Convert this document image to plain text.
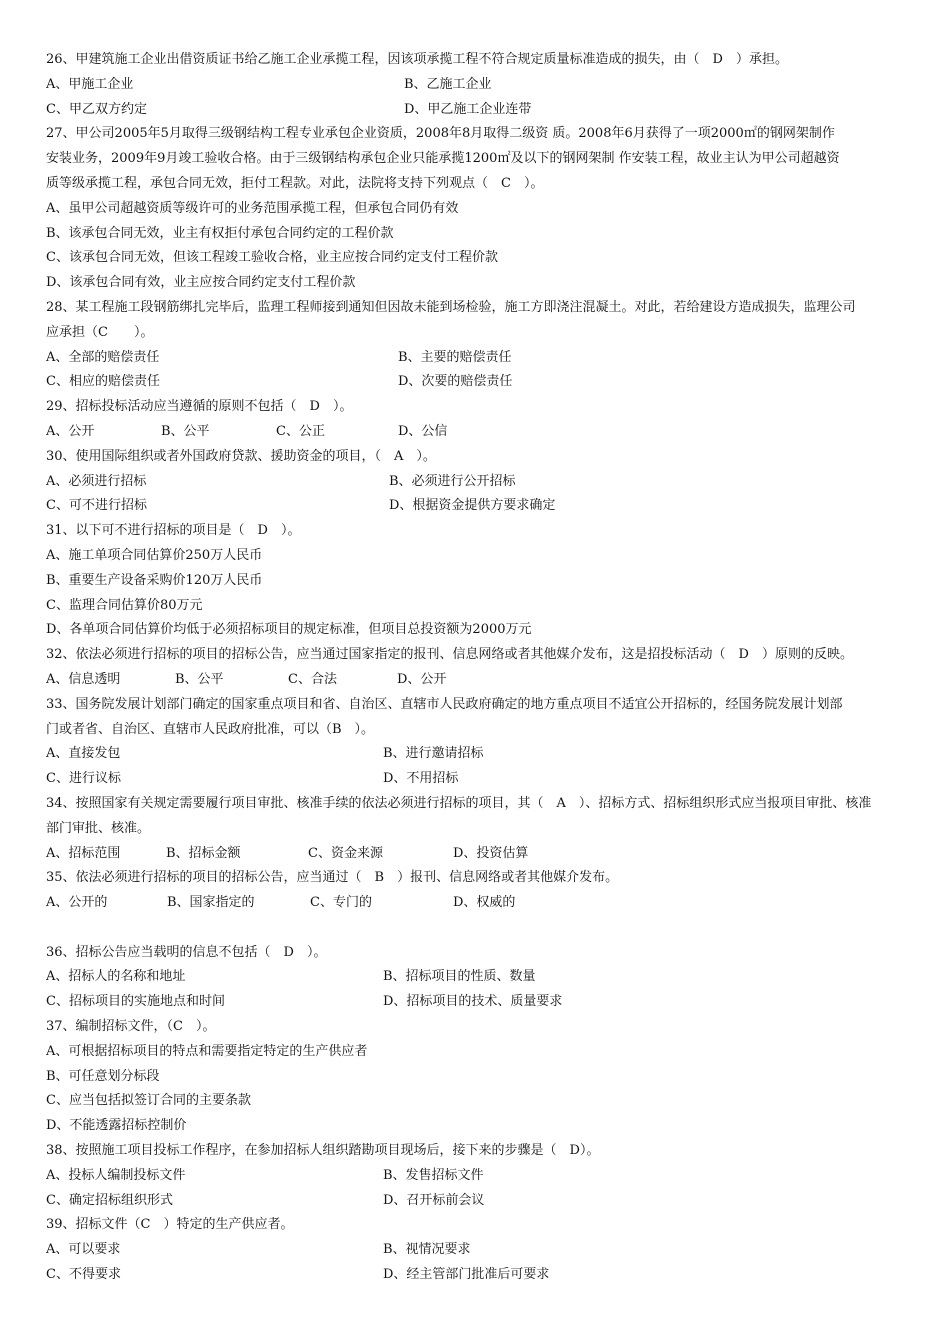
26、甲建筑施工企业出借资质证书给乙施工企业承揽工程，因该项承揽工程不符合规定质量标准造成的损失，由（　D　）承担。
A、甲施工企业	B、乙施工企业
C、甲乙双方约定	D、甲乙施工企业连带
27、甲公司2005年5月取得三级钢结构工程专业承包企业资质，2008年8月取得二级资 质。2008年6月获得了一项2000㎡的钢网架制作
安装业务，2009年9月竣工验收合格。由于三级钢结构承包企业只能承揽1200㎡及以下的钢网架制 作安装工程，故业主认为甲公司超越资
质等级承揽工程，承包合同无效，拒付工程款。对此，法院将支持下列观点（　C　）。
A、虽甲公司超越资质等级许可的业务范围承揽工程，但承包合同仍有效
B、该承包合同无效，业主有权拒付承包合同约定的工程价款
C、该承包合同无效，但该工程竣工验收合格，业主应按合同约定支付工程价款
D、该承包合同有效，业主应按合同约定支付工程价款
28、某工程施工段钢筋绑扎完毕后，监理工程师接到通知但因故未能到场检验，施工方即浇注混凝土。对此，若给建设方造成损失，监理公司
应承担（C　　）。
A、全部的赔偿责任	B、主要的赔偿责任
C、相应的赔偿责任	D、次要的赔偿责任
29、招标投标活动应当遵循的原则不包括（　D　）。
A、公开	B、公平	C、公正	D、公信
30、使用国际组织或者外国政府贷款、援助资金的项目，（　A　）。
A、必须进行招标	B、必须进行公开招标
C、可不进行招标	D、根据资金提供方要求确定
31、以下可不进行招标的项目是（　D　）。
A、施工单项合同估算价250万人民币
B、重要生产设备采购价120万人民币
C、监理合同估算价80万元
D、各单项合同估算价均低于必须招标项目的规定标准，但项目总投资额为2000万元
32、依法必须进行招标的项目的招标公告，应当通过国家指定的报刊、信息网络或者其他媒介发布，这是招投标活动（　D　）原则的反映。
A、信息透明	B、公平	C、合法	D、公开
33、国务院发展计划部门确定的国家重点项目和省、自治区、直辖市人民政府确定的地方重点项目不适宜公开招标的，经国务院发展计划部
门或者省、自治区、直辖市人民政府批准，可以（B　）。
A、直接发包	B、进行邀请招标
C、进行议标	D、不用招标
34、按照国家有关规定需要履行项目审批、核准手续的依法必须进行招标的项目，其（　A　）、招标方式、招标组织形式应当报项目审批、核准
部门审批、核准。
A、招标范围	B、招标金额	C、资金来源	D、投资估算
35、依法必须进行招标的项目的招标公告，应当通过（　B　）报刊、信息网络或者其他媒介发布。
A、公开的	B、国家指定的	C、专门的	D、权威的
36、招标公告应当载明的信息不包括（　D　）。
A、招标人的名称和地址	B、招标项目的性质、数量
C、招标项目的实施地点和时间	D、招标项目的技术、质量要求
37、编制招标文件，（C　）。
A、可根据招标项目的特点和需要指定特定的生产供应者
B、可任意划分标段
C、应当包括拟签订合同的主要条款
D、不能透露招标控制价
38、按照施工项目投标工作程序，在参加招标人组织踏勘项目现场后，接下来的步骤是（　D）。
A、投标人编制投标文件	B、发售招标文件
C、确定招标组织形式	D、召开标前会议
39、招标文件（C　）特定的生产供应者。
A、可以要求	B、视情况要求
C、不得要求	D、经主管部门批准后可要求
